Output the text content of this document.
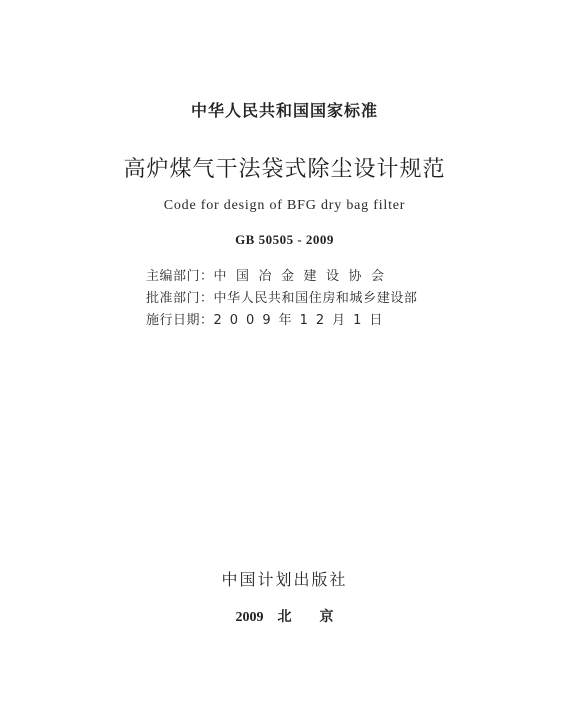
中华人民共和国国家标准
高炉煤气干法袋式除尘设计规范
Code for design of BFG dry bag filter
GB 50505 - 2009
主编部门：中国冶金建设协会
批准部门：中华人民共和国住房和城乡建设部
施行日期：2009年12月1日
中国计划出版社
2009 北 京
